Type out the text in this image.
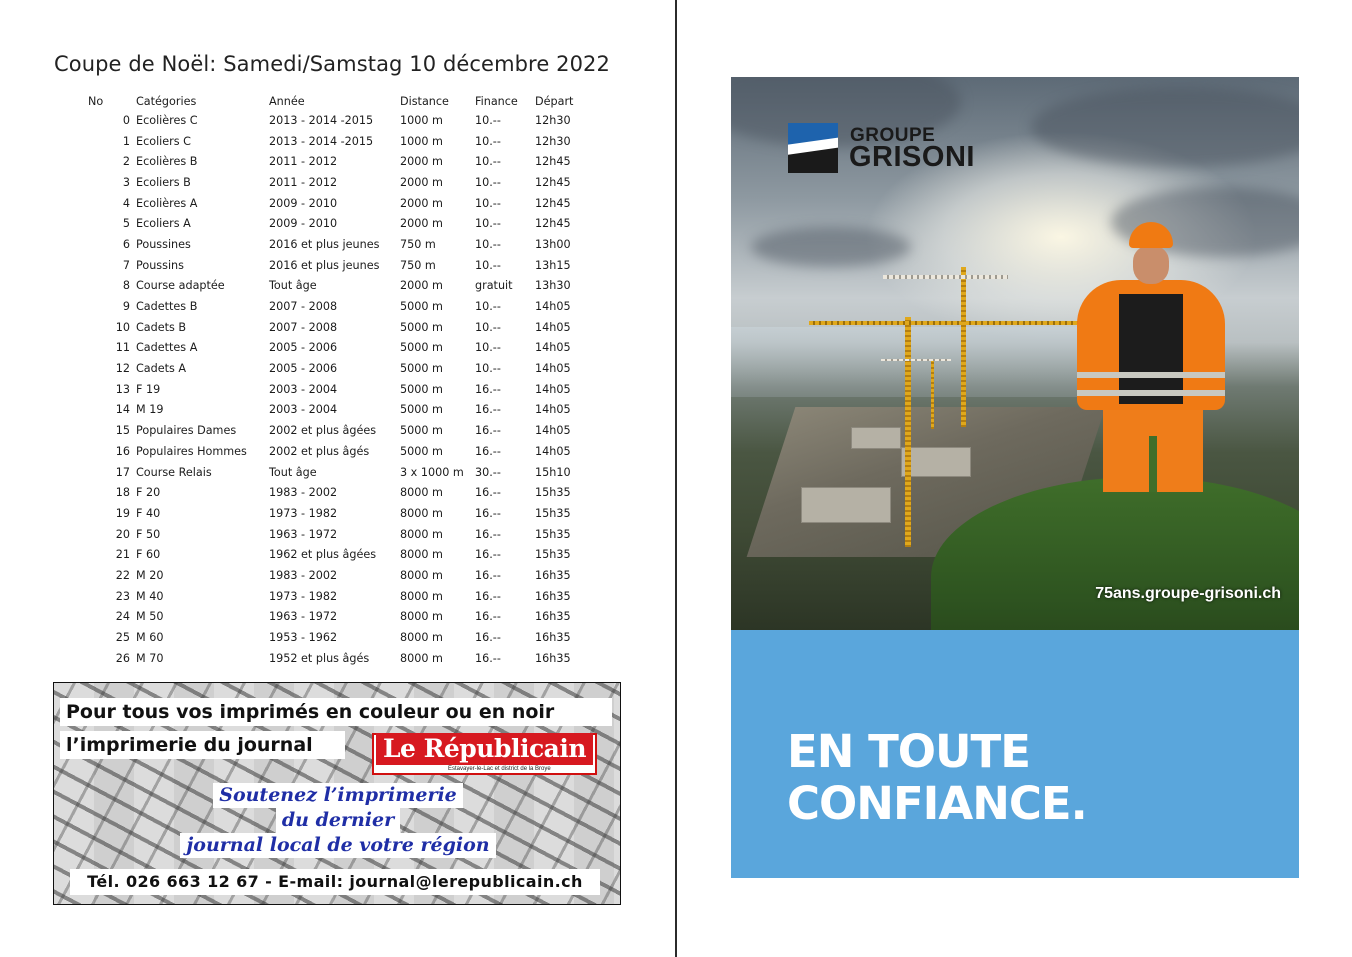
Coupe de Noël: Samedi/Samstag 10 décembre 2022
No	Catégories	Année	Distance	Finance	Départ
0	Ecolières C	2013 - 2014 -2015	1000 m	10.--	12h30
1	Ecoliers C	2013 - 2014 -2015	1000 m	10.--	12h30
2	Ecolières B	2011 - 2012	2000 m	10.--	12h45
3	Ecoliers B	2011 - 2012	2000 m	10.--	12h45
4	Ecolières A	2009 - 2010	2000 m	10.--	12h45
5	Ecoliers A	2009 - 2010	2000 m	10.--	12h45
6	Poussines	2016 et plus jeunes	750 m	10.--	13h00
7	Poussins	2016 et plus jeunes	750 m	10.--	13h15
8	Course adaptée	Tout âge	2000 m	gratuit	13h30
9	Cadettes B	2007 - 2008	5000 m	10.--	14h05
10	Cadets B	2007 - 2008	5000 m	10.--	14h05
11	Cadettes A	2005 - 2006	5000 m	10.--	14h05
12	Cadets A	2005 - 2006	5000 m	10.--	14h05
13	F 19	2003 - 2004	5000 m	16.--	14h05
14	M 19	2003 - 2004	5000 m	16.--	14h05
15	Populaires Dames	2002 et plus âgées	5000 m	16.--	14h05
16	Populaires Hommes	2002 et plus âgés	5000 m	16.--	14h05
17	Course Relais	Tout âge	3 x 1000 m	30.--	15h10
18	F 20	1983 - 2002	8000 m	16.--	15h35
19	F 40	1973 - 1982	8000 m	16.--	15h35
20	F 50	1963 - 1972	8000 m	16.--	15h35
21	F 60	1962 et plus âgées	8000 m	16.--	15h35
22	M 20	1983 - 2002	8000 m	16.--	16h35
23	M 40	1973 - 1982	8000 m	16.--	16h35
24	M 50	1963 - 1972	8000 m	16.--	16h35
25	M 60	1953 - 1962	8000 m	16.--	16h35
26	M 70	1952 et plus âgés	8000 m	16.--	16h35
Pour tous vos imprimés en couleur ou en noir
l’imprimerie du journal	Le Républicain
Estavayer-le-Lac et district de la Broye
Soutenez l’imprimerie
du dernier
journal local de votre région
Tél. 026 663 12 67 - E-mail: journal@lerepublicain.ch
GROUPE
GRISONI
75ans.groupe-grisoni.ch
EN TOUTE
CONFIANCE.
